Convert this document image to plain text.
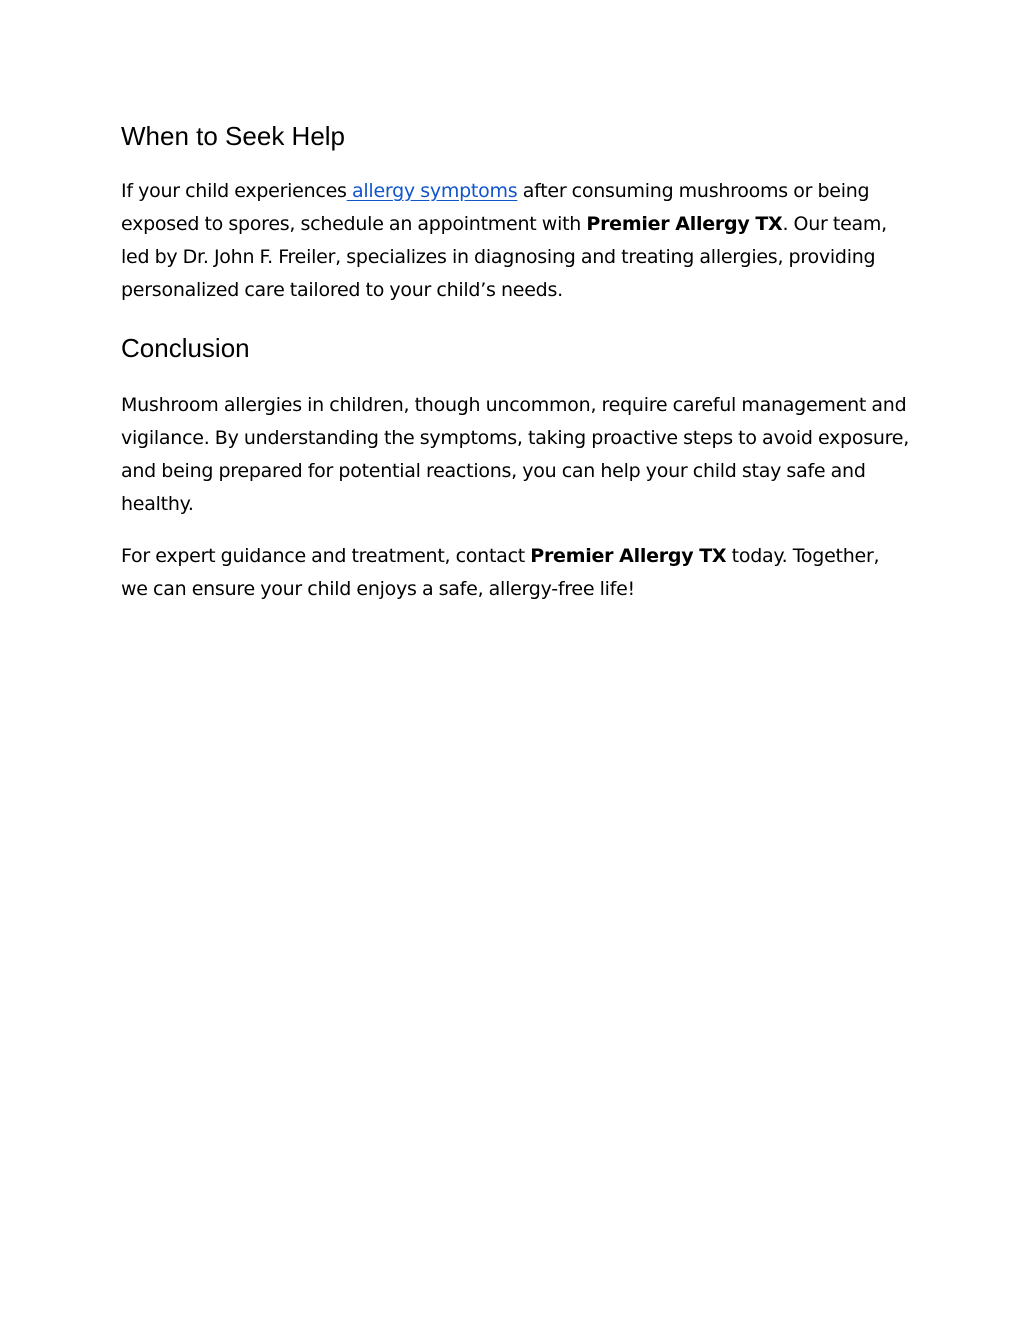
When to Seek Help

If your child experiences allergy symptoms after consuming mushrooms or being exposed to spores, schedule an appointment with Premier Allergy TX. Our team, led by Dr. John F. Freiler, specializes in diagnosing and treating allergies, providing personalized care tailored to your child’s needs.

Conclusion

Mushroom allergies in children, though uncommon, require careful management and vigilance. By understanding the symptoms, taking proactive steps to avoid exposure, and being prepared for potential reactions, you can help your child stay safe and healthy.

For expert guidance and treatment, contact Premier Allergy TX today. Together, we can ensure your child enjoys a safe, allergy-free life!
